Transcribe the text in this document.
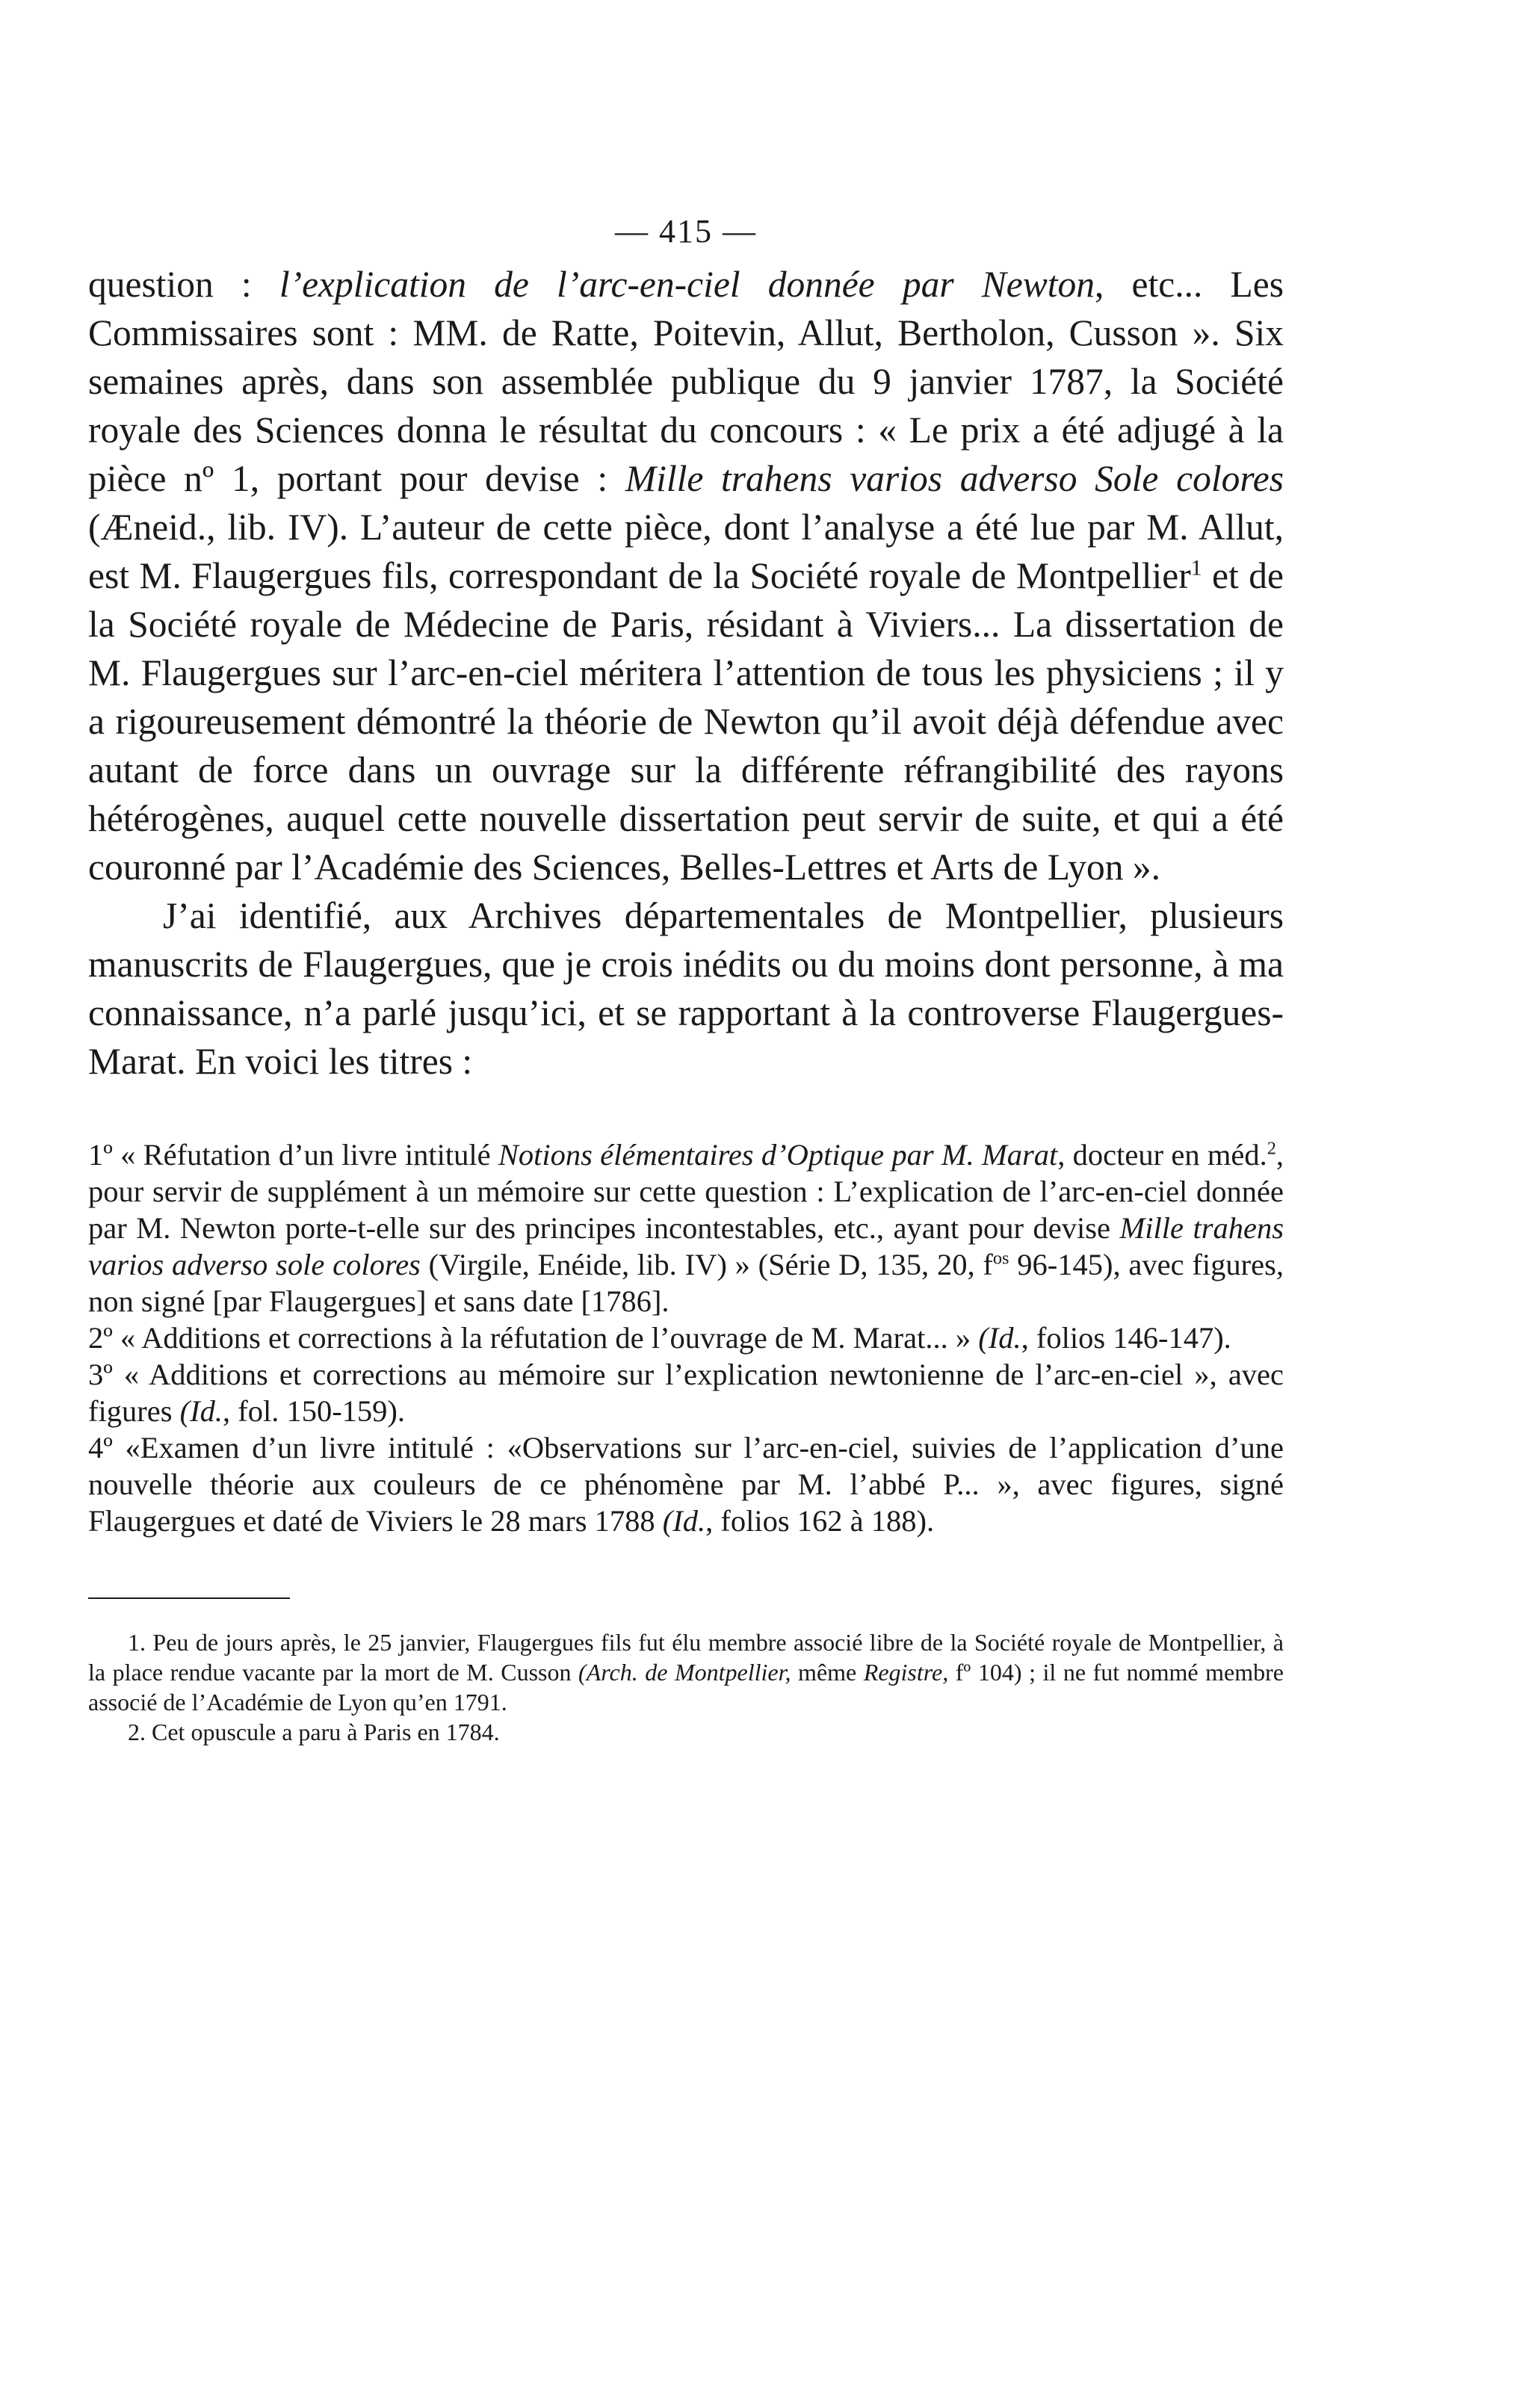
— 415 —

question : l’explication de l’arc-en-ciel donnée par Newton, etc... Les Commissaires sont : MM. de Ratte, Poitevin, Allut, Bertholon, Cusson ». Six semaines après, dans son assemblée publique du 9 janvier 1787, la Société royale des Sciences donna le résultat du concours : « Le prix a été adjugé à la pièce nº 1, portant pour devise : Mille trahens varios adverso Sole colores (Æneid., lib. IV). L’auteur de cette pièce, dont l’analyse a été lue par M. Allut, est M. Flaugergues fils, correspondant de la Société royale de Montpellier$^1$ et de la Société royale de Médecine de Paris, résidant à Viviers... La dissertation de M. Flaugergues sur l’arc-en-ciel méritera l’attention de tous les physiciens ; il y a rigoureusement démontré la théorie de Newton qu’il avoit déjà défendue avec autant de force dans un ouvrage sur la différente réfrangibilité des rayons hétérogènes, auquel cette nouvelle dissertation peut servir de suite, et qui a été couronné par l’Académie des Sciences, Belles-Lettres et Arts de Lyon ».

J’ai identifié, aux Archives départementales de Montpellier, plusieurs manuscrits de Flaugergues, que je crois inédits ou du moins dont personne, à ma connaissance, n’a parlé jusqu’ici, et se rapportant à la controverse Flaugergues-Marat. En voici les titres :

1º « Réfutation d’un livre intitulé Notions élémentaires d’Optique par M. Marat, docteur en méd.$^2$, pour servir de supplément à un mémoire sur cette question : L’explication de l’arc-en-ciel donnée par M. Newton porte-t-elle sur des principes incontestables, etc., ayant pour devise Mille trahens varios adverso sole colores (Virgile, Enéide, lib. IV) » (Série D, 135, 20, $f^{os}$ 96-145), avec figures, non signé [par Flaugergues] et sans date [1786].

2º « Additions et corrections à la réfutation de l’ouvrage de M. Marat... » (Id., folios 146-147).

3º « Additions et corrections au mémoire sur l’explication newtonienne de l’arc-en-ciel », avec figures (Id., fol. 150-159).

4º «Examen d’un livre intitulé : «Observations sur l’arc-en-ciel, suivies de l’application d’une nouvelle théorie aux couleurs de ce phénomène par M. l’abbé P... », avec figures, signé Flaugergues et daté de Viviers le 28 mars 1788 (Id., folios 162 à 188).

1. Peu de jours après, le 25 janvier, Flaugergues fils fut élu membre associé libre de la Société royale de Montpellier, à la place rendue vacante par la mort de M. Cusson (Arch. de Montpellier, même Registre, fº 104) ; il ne fut nommé membre associé de l’Académie de Lyon qu’en 1791.

2. Cet opuscule a paru à Paris en 1784.
